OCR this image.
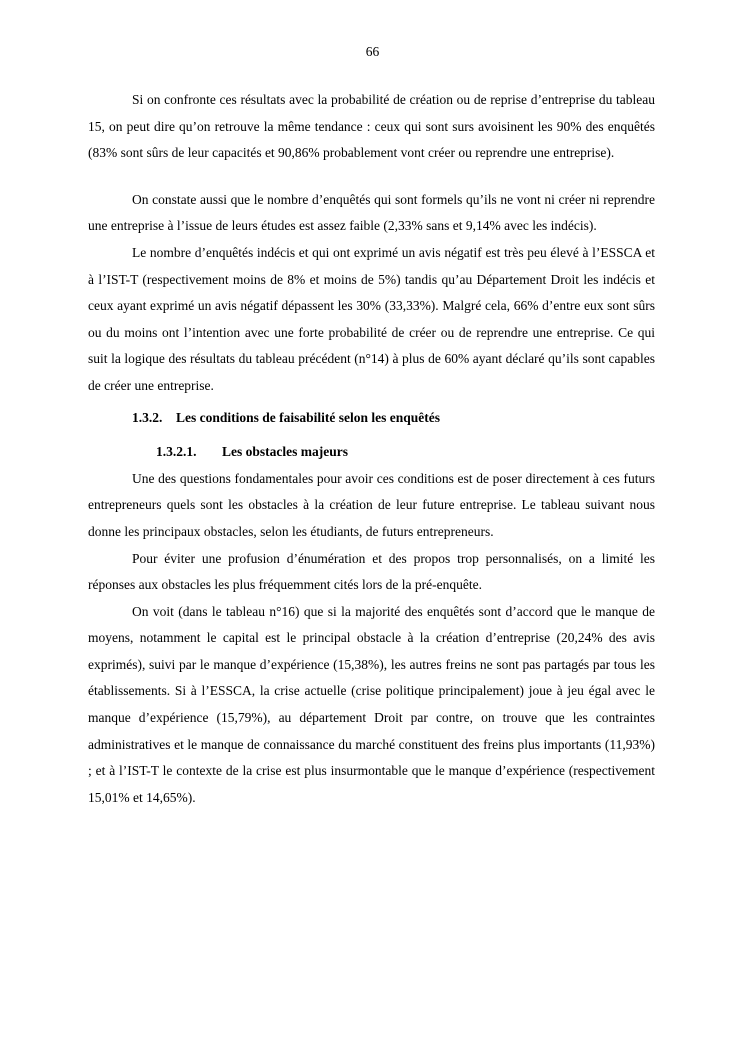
66

Si on confronte ces résultats avec la probabilité de création ou de reprise d’entreprise du tableau 15, on peut dire qu’on retrouve la même tendance : ceux qui sont surs avoisinent les 90% des enquêtés (83% sont sûrs de leur capacités et 90,86% probablement vont créer ou reprendre une entreprise).

On constate aussi que le nombre d’enquêtés qui sont formels qu’ils ne vont ni créer ni reprendre une entreprise à l’issue de leurs études est assez faible (2,33% sans et 9,14% avec les indécis).

Le nombre d’enquêtés indécis et qui ont exprimé un avis négatif est très peu élevé à l’ESSCA et à l’IST-T (respectivement moins de 8% et moins de 5%) tandis qu’au Département Droit les indécis et ceux ayant exprimé un avis négatif dépassent les 30% (33,33%). Malgré cela, 66% d’entre eux sont sûrs ou du moins ont l’intention avec une forte probabilité de créer ou de reprendre une entreprise. Ce qui suit la logique des résultats du tableau précédent (n°14) à plus de 60% ayant déclaré qu’ils sont capables de créer une entreprise.

1.3.2. Les conditions de faisabilité selon les enquêtés
1.3.2.1. Les obstacles majeurs

Une des questions fondamentales pour avoir ces conditions est de poser directement à ces futurs entrepreneurs quels sont les obstacles à la création de leur future entreprise. Le tableau suivant nous donne les principaux obstacles, selon les étudiants, de futurs entrepreneurs.

Pour éviter une profusion d’énumération et des propos trop personnalisés, on a limité les réponses aux obstacles les plus fréquemment cités lors de la pré-enquête.

On voit (dans le tableau n°16) que si la majorité des enquêtés sont d’accord que le manque de moyens, notamment le capital est le principal obstacle à la création d’entreprise (20,24% des avis exprimés), suivi par le manque d’expérience (15,38%), les autres freins ne sont pas partagés par tous les établissements. Si à l’ESSCA, la crise actuelle (crise politique principalement) joue à jeu égal avec le manque d’expérience (15,79%), au département Droit par contre, on trouve que les contraintes administratives et le manque de connaissance du marché constituent des freins plus importants (11,93%) ; et à l’IST-T le contexte de la crise est plus insurmontable que le manque d’expérience (respectivement 15,01% et 14,65%).
